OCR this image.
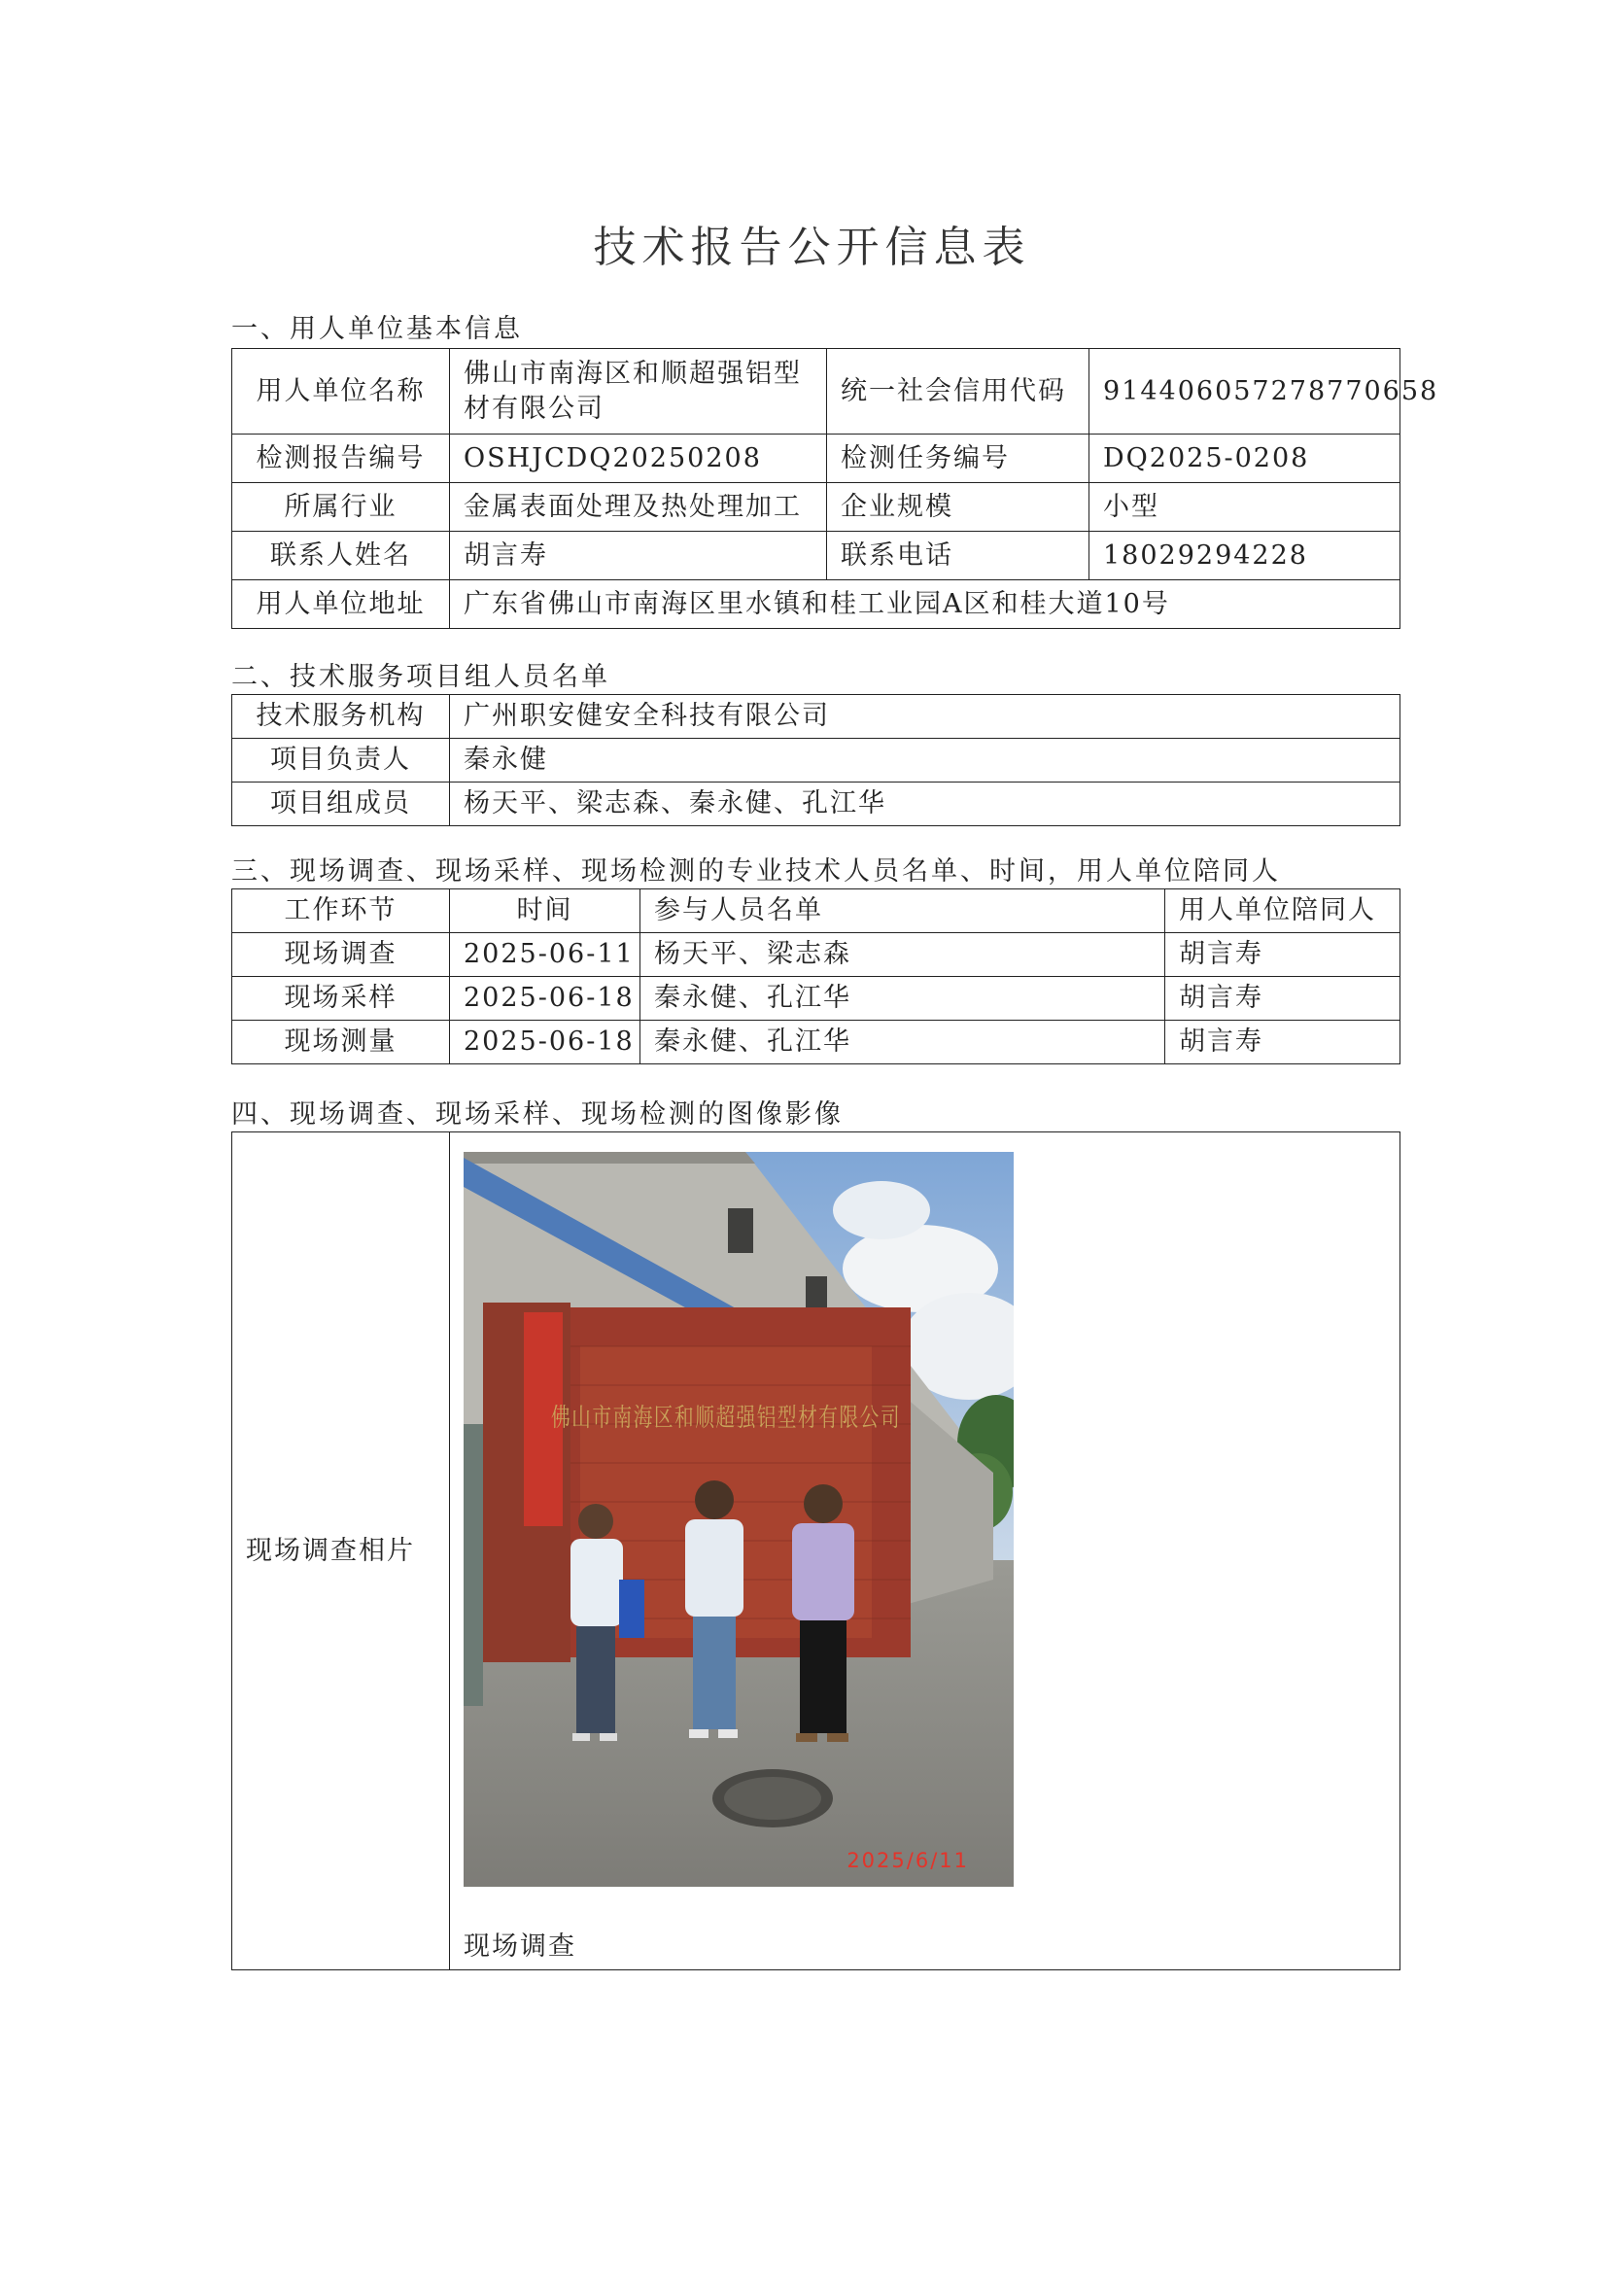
技术报告公开信息表
一、用人单位基本信息
用人单位名称	佛山市南海区和顺超强铝型材有限公司	统一社会信用代码	914406057278770658
检测报告编号	OSHJCDQ20250208	检测任务编号	DQ2025-0208
所属行业	金属表面处理及热处理加工	企业规模	小型
联系人姓名	胡言寿	联系电话	18029294228
用人单位地址	广东省佛山市南海区里水镇和桂工业园A区和桂大道10号		
二、技术服务项目组人员名单
技术服务机构	广州职安健安全科技有限公司
项目负责人	秦永健
项目组成员	杨天平、梁志森、秦永健、孔江华
三、现场调查、现场采样、现场检测的专业技术人员名单、时间，用人单位陪同人
工作环节	时间	参与人员名单	用人单位陪同人
现场调查	2025-06-11	杨天平、梁志森	胡言寿
现场采样	2025-06-18	秦永健、孔江华	胡言寿
现场测量	2025-06-18	秦永健、孔江华	胡言寿
四、现场调查、现场采样、现场检测的图像影像
现场调查相片	
佛山市南海区和顺超强铝型材有限公司
2025/6/11
现场调查
